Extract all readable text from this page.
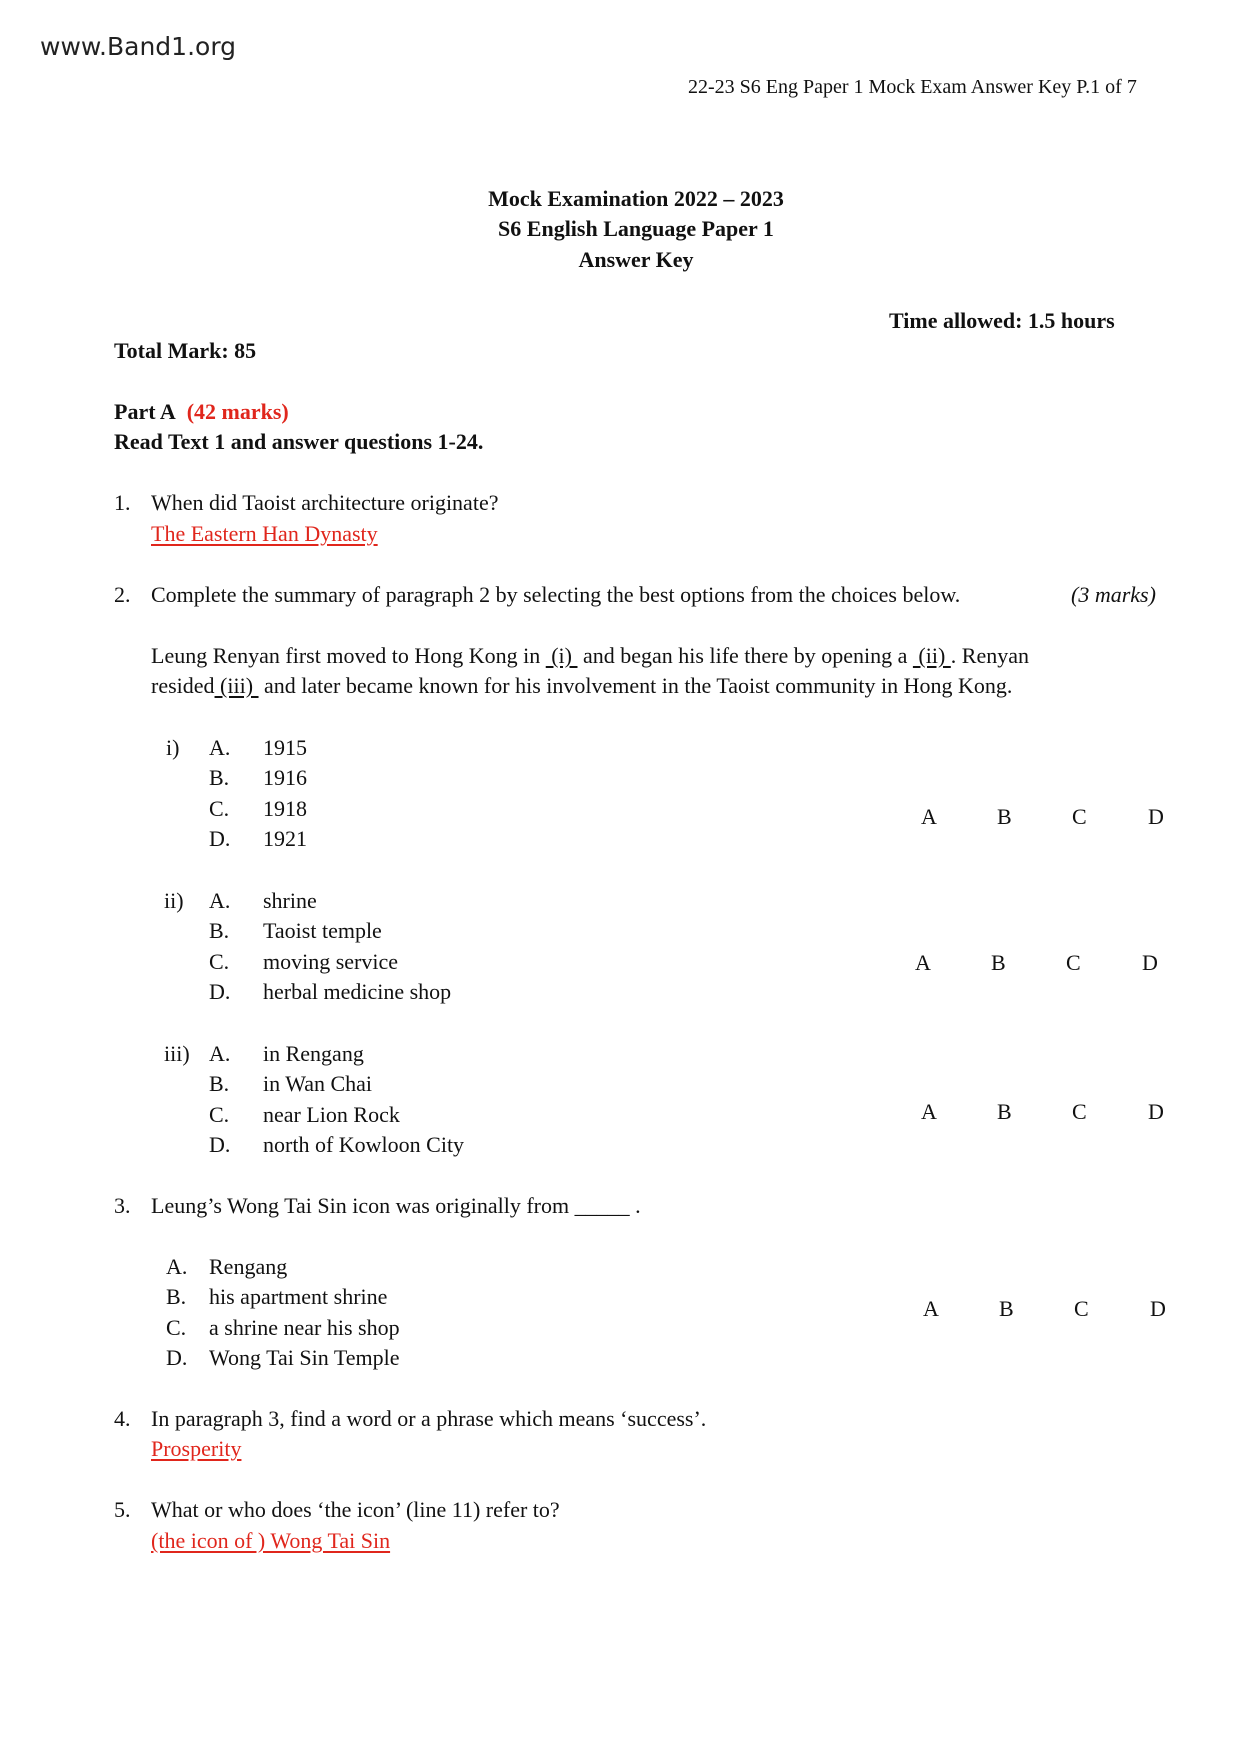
www.Band1.org
22-23 S6 Eng Paper 1 Mock Exam Answer Key P.1 of 7
Mock Examination 2022 – 2023
S6 English Language Paper 1
Answer Key
Time allowed: 1.5 hours
Total Mark: 85
Part A (42 marks)
Read Text 1 and answer questions 1-24.
1. When did Taoist architecture originate?
The Eastern Han Dynasty
2. Complete the summary of paragraph 2 by selecting the best options from the choices below.	(3 marks)
Leung Renyan first moved to Hong Kong in  (i)  and began his life there by opening a  (ii) . Renyan
resided (iii)  and later became known for his involvement in the Taoist community in Hong Kong.
i) A. 1915
B. 1916
C. 1918
D. 1921
A	B	C	D
ii) A. shrine
B. Taoist temple
C. moving service
D. herbal medicine shop
A	B	C	D
iii) A. in Rengang
B. in Wan Chai
C. near Lion Rock
D. north of Kowloon City
A	B	C	D
3. Leung’s Wong Tai Sin icon was originally from _____ .
A. Rengang
B. his apartment shrine
C. a shrine near his shop
D. Wong Tai Sin Temple
A	B	C	D
4. In paragraph 3, find a word or a phrase which means ‘success’.
Prosperity
5. What or who does ‘the icon’ (line 11) refer to?
(the icon of ) Wong Tai Sin
